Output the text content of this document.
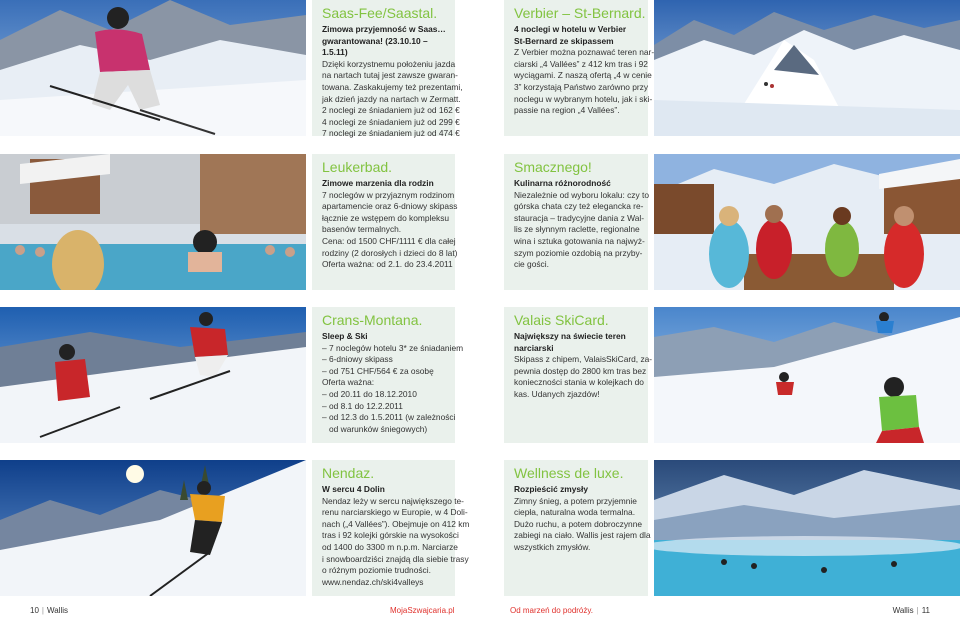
Saas-Fee/Saastal.
Zimowa przyjemność w Saas…
gwarantowana! (23.10.10 – 1.5.11)
Dzięki korzystnemu położeniu jazda
na nartach tutaj jest zawsze gwaran-
towana. Zaskakujemy też prezentami,
jak dzień jazdy na nartach w Zermatt.
2 noclegi ze śniadaniem już od 162 €
4 noclegi ze śniadaniem już od 299 €
7 noclegi ze śniadaniem już od 474 €
Verbier – St-Bernard.
4 noclegi w hotelu w Verbier
St-Bernard ze skipassem
Z Verbier można poznawać teren nar-
ciarski „4 Vallées” z 412 km tras i 92
wyciągami. Z naszą ofertą „4 w cenie
3” korzystają Państwo zarówno przy
noclegu w wybranym hotelu, jak i ski-
passie na region „4 Vallées”.
Leukerbad.
Zimowe marzenia dla rodzin
7 noclegów w przyjaznym rodzinom
apartamencie oraz 6-dniowy skipass
łącznie ze wstępem do kompleksu
basenów termalnych.
Cena: od 1500 CHF/1111 € dla całej
rodziny (2 dorosłych i dzieci do 8 lat)
Oferta ważna: od 2.1. do 23.4.2011
Smacznego!
Kulinarna różnorodność
Niezależnie od wyboru lokalu: czy to
górska chata czy też elegancka re-
stauracja – tradycyjne dania z Wal-
lis ze słynnym raclette, regionalne
wina i sztuka gotowania na najwyż-
szym poziomie ozdobią na przyby-
cie gości.
Crans-Montana.
Sleep & Ski
– 7 noclegów hotelu 3* ze śniadaniem
– 6-dniowy skipass
– od 751 CHF/564 € za osobę
Oferta ważna:
– od 20.11 do 18.12.2010
– od 8.1 do 12.2.2011
– od 12.3 do 1.5.2011 (w zależności
od warunków śniegowych)
Valais SkiCard.
Największy na świecie teren
narciarski
Skipass z chipem, ValaisSkiCard, za-
pewnia dostęp do 2800 km tras bez
konieczności stania w kolejkach do
kas. Udanych zjazdów!
Nendaz.
W sercu 4 Dolin
Nendaz leży w sercu największego te-
renu narciarskiego w Europie, w 4 Doli-
nach („4 Vallées”). Obejmuje on 412 km
tras i 92 kolejki górskie na wysokości
od 1400 do 3300 m n.p.m. Narciarze
i snowboardziści znajdą dla siebie trasy
o różnym poziomie trudności.
www.nendaz.ch/ski4valleys
Wellness de luxe.
Rozpieścić zmysły
Zimny śnieg, a potem przyjemnie
ciepła, naturalna woda termalna.
Dużo ruchu, a potem dobroczynne
zabiegi na ciało. Wallis jest rajem dla
wszystkich zmysłów.
10 | Wallis	MojaSzwajcaria.pl	Od marzeń do podróży.	Wallis | 11
